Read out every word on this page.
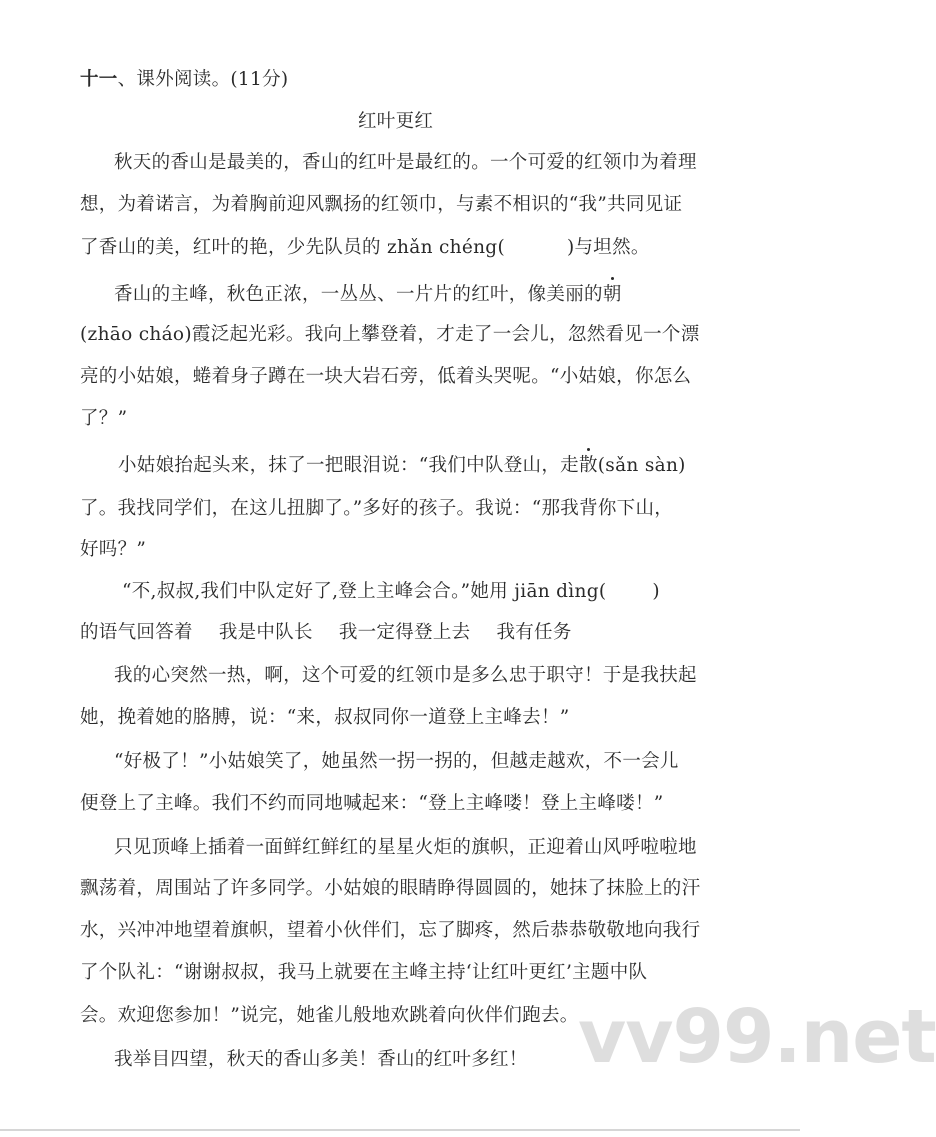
十一、课外阅读。(11分)
红叶更红
秋天的香山是最美的，香山的红叶是最红的。一个可爱的红领巾为着理
想，为着诺言，为着胸前迎风飘扬的红领巾，与素不相识的“我”共同见证
了香山的美，红叶的艳，少先队员的 zhǎn chéng(	)与坦然。
香山的主峰，秋色正浓，一丛丛、一片片的红叶，像美丽的朝
(zhāo cháo)霞泛起光彩。我向上攀登着，才走了一会儿，忽然看见一个漂
亮的小姑娘，蜷着身子蹲在一块大岩石旁，低着头哭呢。“小姑娘，你怎么
了？”
小姑娘抬起头来，抹了一把眼泪说：“我们中队登山，走散(sǎn sàn)
了。我找同学们，在这儿扭脚了。”多好的孩子。我说：“那我背你下山，
好吗？”
“不,叔叔,我们中队定好了,登上主峰会合。”她用 jiān dìng( )
的语气回答着 我是中队长 我一定得登上去 我有任务
我的心突然一热，啊，这个可爱的红领巾是多么忠于职守！于是我扶起
她，挽着她的胳膊，说：“来，叔叔同你一道登上主峰去！”
“好极了！”小姑娘笑了，她虽然一拐一拐的，但越走越欢，不一会儿
便登上了主峰。我们不约而同地喊起来：“登上主峰喽！登上主峰喽！”
只见顶峰上插着一面鲜红鲜红的星星火炬的旗帜，正迎着山风呼啦啦地
飘荡着，周围站了许多同学。小姑娘的眼睛睁得圆圆的，她抹了抹脸上的汗
水，兴冲冲地望着旗帜，望着小伙伴们，忘了脚疼，然后恭恭敬敬地向我行
了个队礼：“谢谢叔叔，我马上就要在主峰主持‘让红叶更红’主题中队
会。欢迎您参加！”说完，她雀儿般地欢跳着向伙伴们跑去。
我举目四望，秋天的香山多美！香山的红叶多红！ vv99.net
